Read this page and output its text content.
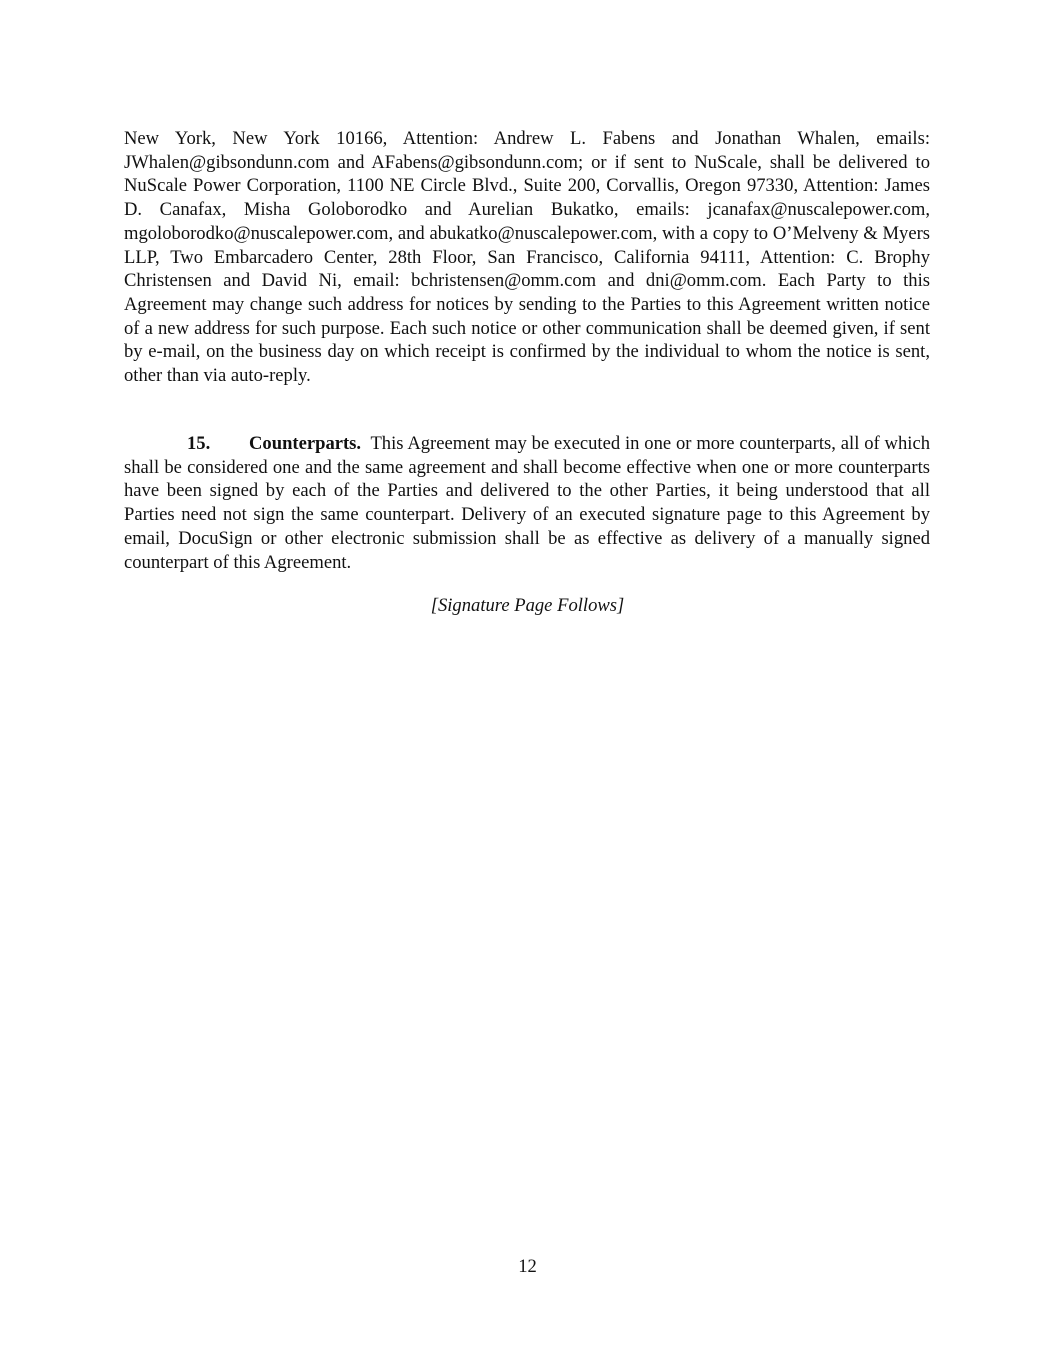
New York, New York 10166, Attention: Andrew L. Fabens and Jonathan Whalen, emails: JWhalen@gibsondunn.com and AFabens@gibsondunn.com; or if sent to NuScale, shall be delivered to NuScale Power Corporation, 1100 NE Circle Blvd., Suite 200, Corvallis, Oregon 97330, Attention: James D. Canafax, Misha Goloborodko and Aurelian Bukatko, emails: jcanafax@nuscalepower.com, mgoloborodko@nuscalepower.com, and abukatko@nuscalepower.com, with a copy to O’Melveny & Myers LLP, Two Embarcadero Center, 28th Floor, San Francisco, California 94111, Attention: C. Brophy Christensen and David Ni, email: bchristensen@omm.com and dni@omm.com. Each Party to this Agreement may change such address for notices by sending to the Parties to this Agreement written notice of a new address for such purpose. Each such notice or other communication shall be deemed given, if sent by e-mail, on the business day on which receipt is confirmed by the individual to whom the notice is sent, other than via auto-reply.

15. Counterparts. This Agreement may be executed in one or more counterparts, all of which shall be considered one and the same agreement and shall become effective when one or more counterparts have been signed by each of the Parties and delivered to the other Parties, it being understood that all Parties need not sign the same counterpart. Delivery of an executed signature page to this Agreement by email, DocuSign or other electronic submission shall be as effective as delivery of a manually signed counterpart of this Agreement.

[Signature Page Follows]

12
